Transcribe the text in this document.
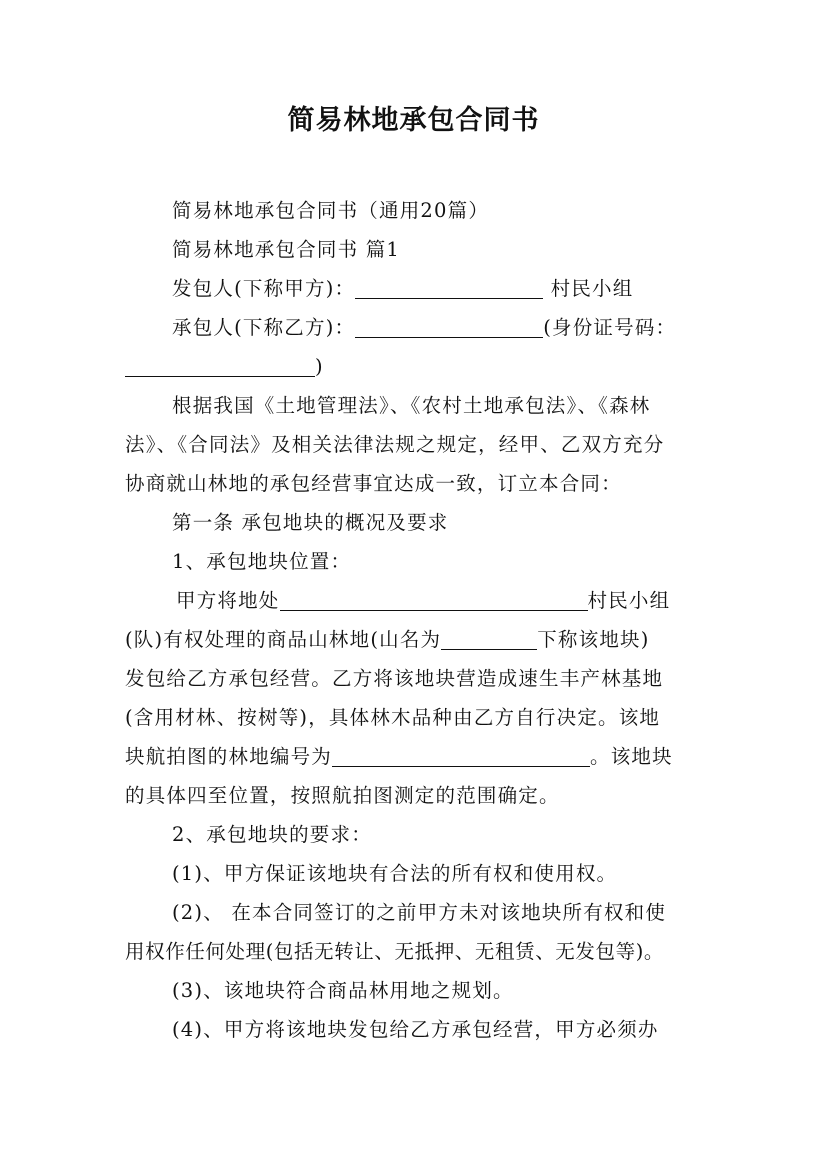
简易林地承包合同书
简易林地承包合同书（通用20篇）
简易林地承包合同书 篇1
发包人(下称甲方)：	村民小组
承包人(下称乙方)：	(身份证号码：
)
根据我国《土地管理法》、《农村土地承包法》、《森林
法》、《合同法》及相关法律法规之规定，经甲、乙双方充分
协商就山林地的承包经营事宜达成一致，订立本合同：
第一条 承包地块的概况及要求
1、承包地块位置：
甲方将地处	村民小组
(队)有权处理的商品山林地(山名为	下称该地块)
发包给乙方承包经营。乙方将该地块营造成速生丰产林基地
(含用材林、按树等)，具体林木品种由乙方自行决定。该地
块航拍图的林地编号为	。该地块
的具体四至位置，按照航拍图测定的范围确定。
2、承包地块的要求：
(1)、甲方保证该地块有合法的所有权和使用权。
(2)、 在本合同签订的之前甲方未对该地块所有权和使
用权作任何处理(包括无转让、无抵押、无租赁、无发包等)。
(3)、该地块符合商品林用地之规划。
(4)、甲方将该地块发包给乙方承包经营，甲方必须办
